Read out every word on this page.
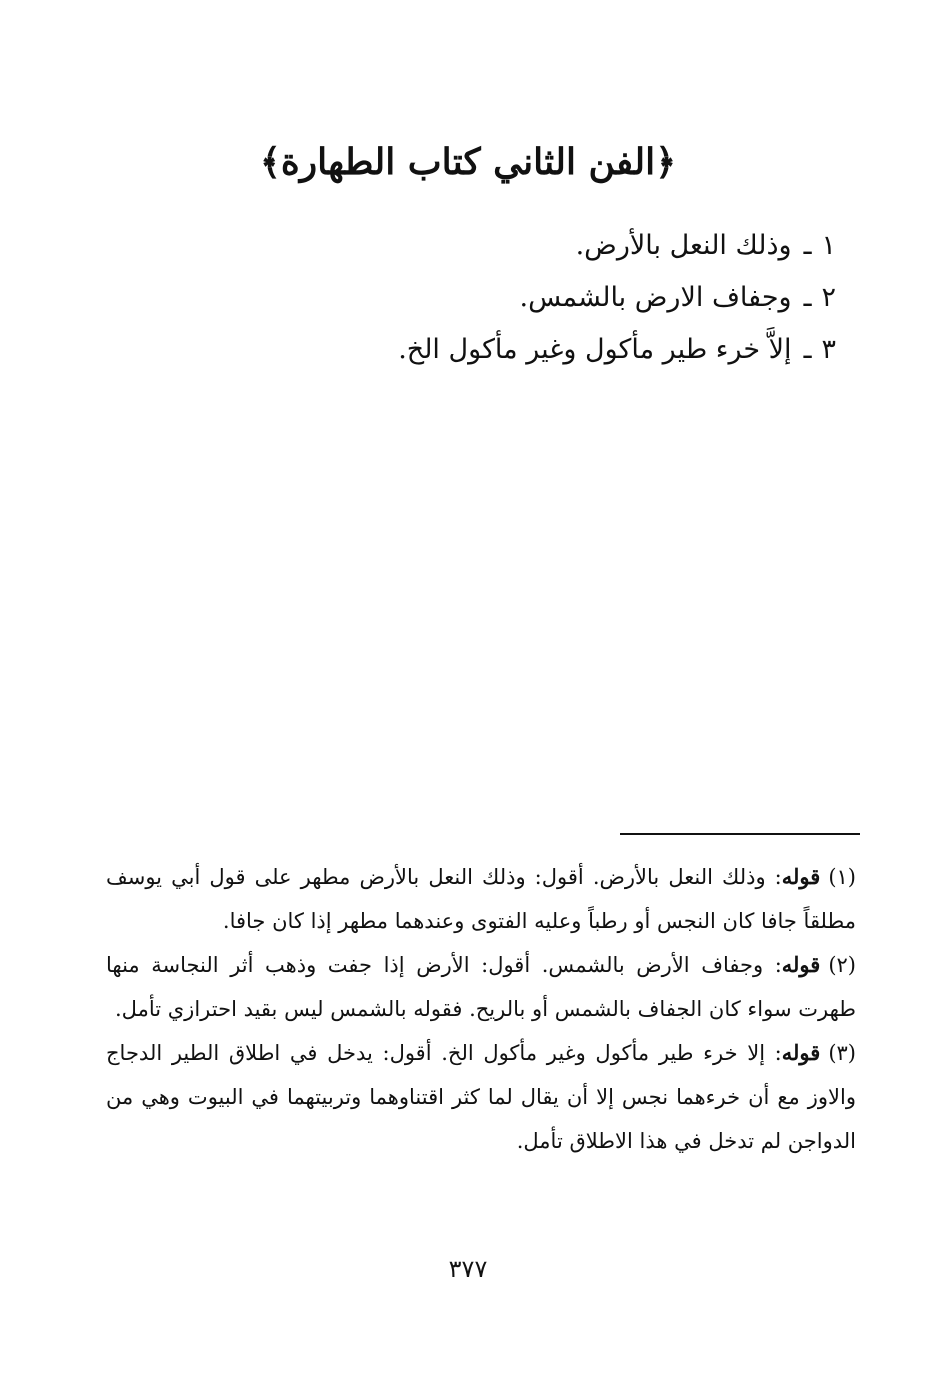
﴿الفن الثاني كتاب الطهارة﴾
١ـوذلك النعل بالأرض.
٢ـوجفاف الارض بالشمس.
٣ـإلاَّ خرء طير مأكول وغير مأكول الخ.

(١)قوله: وذلك النعل بالأرض. أقول: وذلك النعل بالأرض مطهر على قول أبي يوسف مطلقاً جافا كان النجس أو رطباً وعليه الفتوى وعندهما مطهر إذا كان جافا.

(٢)قوله: وجفاف الأرض بالشمس. أقول: الأرض إذا جفت وذهب أثر النجاسة منها طهرت سواء كان الجفاف بالشمس أو بالريح. فقوله بالشمس ليس بقيد احترازي تأمل.

(٣)قوله: إلا خرء طير مأكول وغير مأكول الخ. أقول: يدخل في اطلاق الطير الدجاج والاوز مع أن خرءهما نجس إلا أن يقال لما كثر اقتناوهما وتربيتهما في البيوت وهي من الدواجن لم تدخل في هذا الاطلاق تأمل.

٣٧٧
